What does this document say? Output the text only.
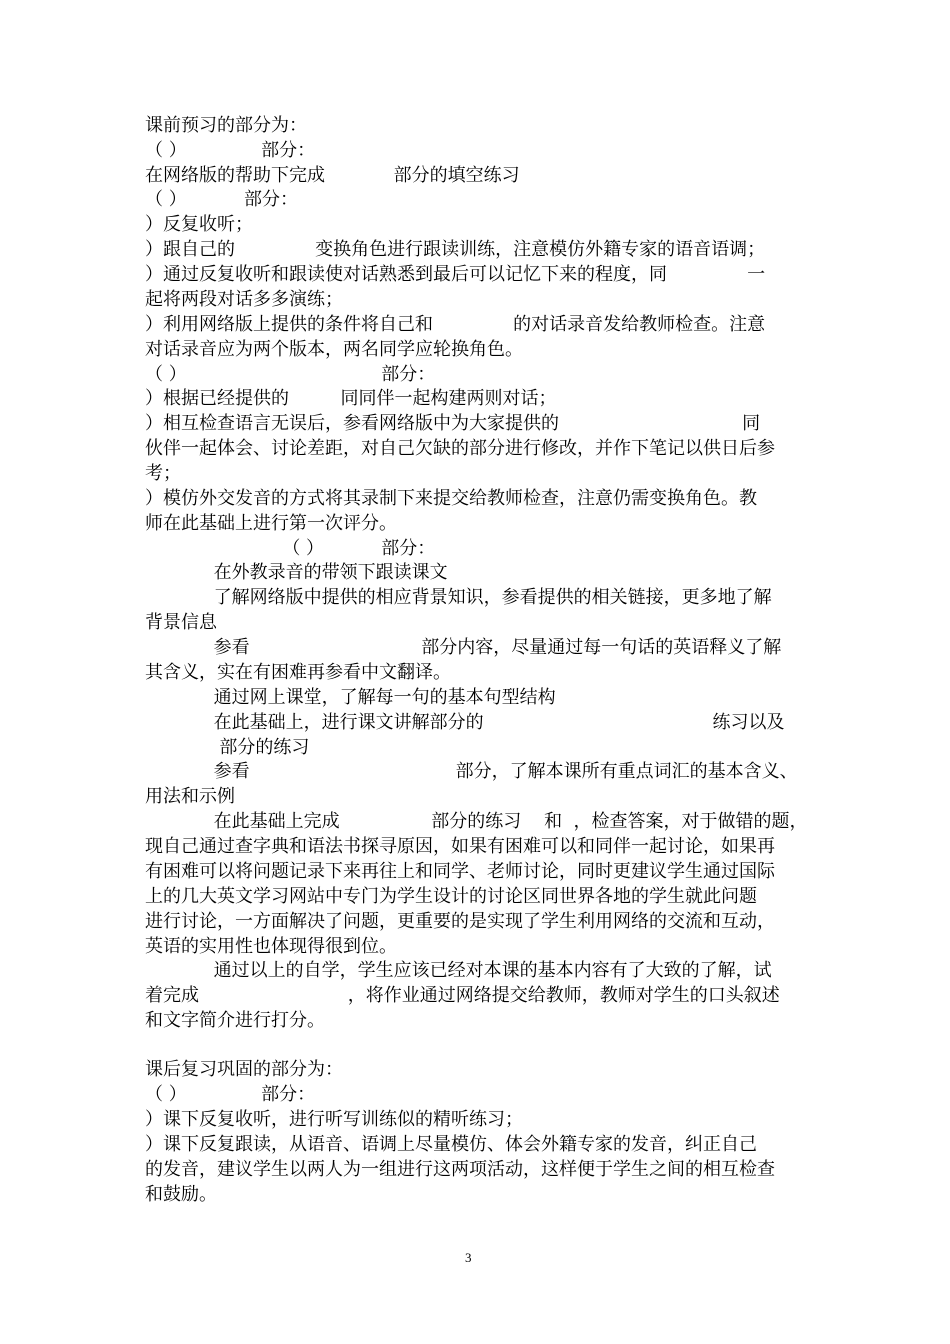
课前预习的部分为：
（ ）             部分：
在网络版的帮助下完成            部分的填空练习
（ ）          部分：
）反复收听；
）跟自己的              变换角色进行跟读训练，注意模仿外籍专家的语音语调；
）通过反复收听和跟读使对话熟悉到最后可以记忆下来的程度，同              一
起将两段对话多多演练；
）利用网络版上提供的条件将自己和              的对话录音发给教师检查。注意
对话录音应为两个版本，两名同学应轮换角色。
（ ）                                  部分：
）根据已经提供的         同同伴一起构建两则对话；
）相互检查语言无误后，参看网络版中为大家提供的                                同
伙伴一起体会、讨论差距，对自己欠缺的部分进行修改，并作下笔记以供日后参
考；
）模仿外交发音的方式将其录制下来提交给教师检查，注意仍需变换角色。教
师在此基础上进行第一次评分。
（ ）          部分：
在外教录音的带领下跟读课文
了解网络版中提供的相应背景知识，参看提供的相关链接，更多地了解
背景信息
参看                              部分内容，尽量通过每一句话的英语释义了解
其含义，实在有困难再参看中文翻译。
通过网上课堂，了解每一句的基本句型结构
在此基础上，进行课文讲解部分的                                        练习以及
部分的练习
参看                                    部分，了解本课所有重点词汇的基本含义、
用法和示例
在此基础上完成                部分的练习    和  ，检查答案，对于做错的题，
现自己通过查字典和语法书探寻原因，如果有困难可以和同伴一起讨论，如果再
有困难可以将问题记录下来再往上和同学、老师讨论，同时更建议学生通过国际
上的几大英文学习网站中专门为学生设计的讨论区同世界各地的学生就此问题
进行讨论，一方面解决了问题，更重要的是实现了学生利用网络的交流和互动，
英语的实用性也体现得很到位。
通过以上的自学，学生应该已经对本课的基本内容有了大致的了解，试
着完成                          ，将作业通过网络提交给教师，教师对学生的口头叙述
和文字简介进行打分。
课后复习巩固的部分为：
（ ）             部分：
）课下反复收听，进行听写训练似的精听练习；
）课下反复跟读，从语音、语调上尽量模仿、体会外籍专家的发音，纠正自己
的发音，建议学生以两人为一组进行这两项活动，这样便于学生之间的相互检查
和鼓励。
3
